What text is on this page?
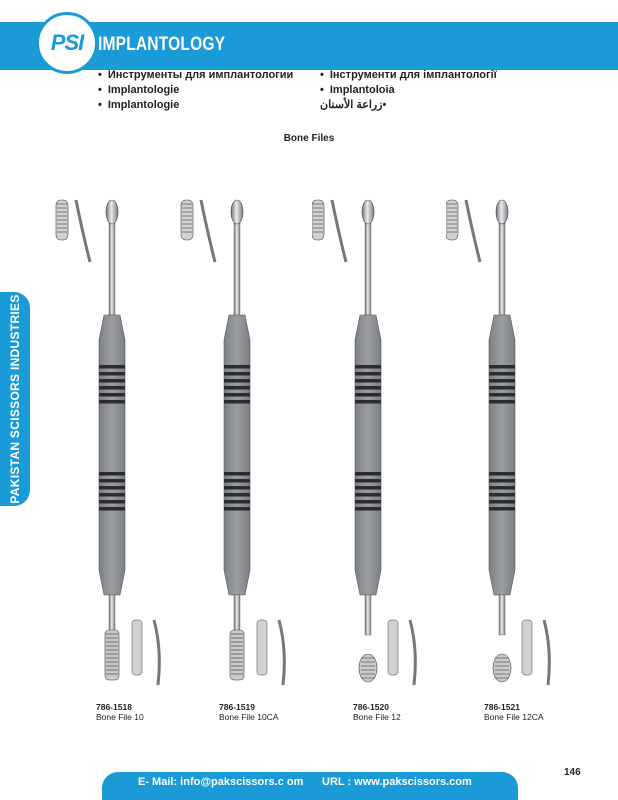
PSI IMPLANTOLOGY
• Инструменты для имплантологии
• Implantologie
• Implantologie
• Інструменти для імплантології
• Implantoloia
• زراعة الأسنان
Bone Files
PAKISTAN SCISSORS INDUSTRIES
786-1518
Bone File 10
786-1519
Bone File 10CA
786-1520
Bone File 12
786-1521
Bone File 12CA
E- Mail: info@pakscissors.c om URL : www.pakscissors.com
146
